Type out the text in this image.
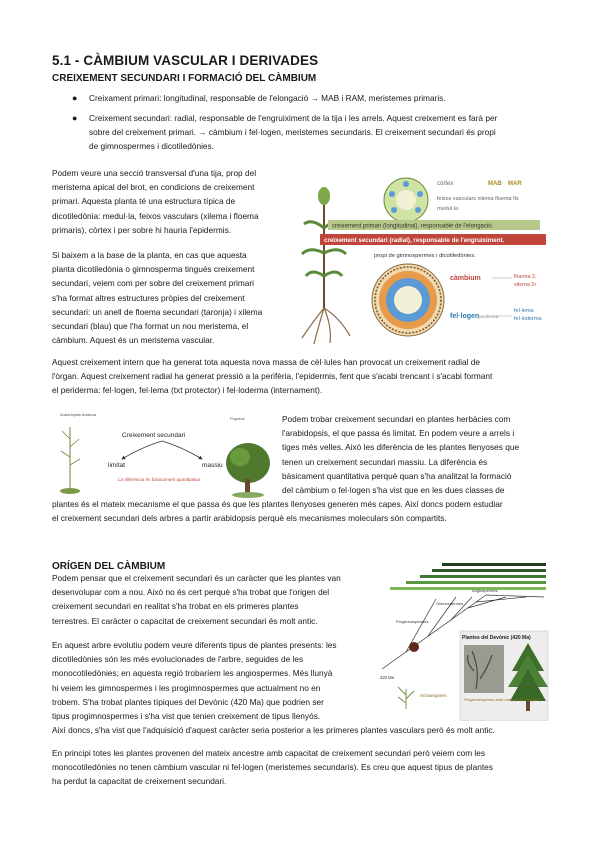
5.1 - CÀMBIUM VASCULAR I DERIVADES
CREIXEMENT SECUNDARI I FORMACIÓ DEL CÀMBIUM
● Creixament primari: longitudinal, responsable de l'elongació → MAB i RAM, meristemes primaris.
● Creixement secundari: radial, responsable de l'engruiximent de la tija i les arrels. Aquest creixement es farà per
sobre del creixement primari. → càmbium i fel·logen, meristemes secundaris. El creixement secundari és propi
de gimnospermes i dicotiledònies.
Podem veure una secció transversal d'una tija, prop del
meristema apical del brot, en condicions de creixement
primari. Aquesta planta té una estructura típica de
dicotiledònia: medul·la, feixos vasculars (xilema i floema
primaris), còrtex i per sobre hi hauria l'epidermis.
Si baixem a la base de la planta, en cas que aquesta
planta dicotiledònia o gimnosperma tingués creixement
secundari, veiem com per sobre del creixement primari
s'ha format altres estructures pròpies del creixement
secundari: un anell de floema secundari (taronja) i xilema
secundari (blau) que l'ha format un nou meristema, el
càmbium. Aquest és un meristema vascular.
còrtex	MAB MAR
feixos vasculars xilema floema fis
medul·la
creixement primari (longitudinal), responsable de l'elongació.
creixement secundari (radial), responsable de l'engruiximent.
propi de gimnospermes i dicotiledònies.
càmbium
fel·logen
floema 2,
xilema 2r
fel·lema
fel·loderma
periderma
Aquest creixement intern que ha generat tota aquesta nova massa de cèl·lules han provocat un creixement radial de
l'òrgan. Aquest creixement radial ha generat pressió a la perifèria, l'epidermis, fent que s'acabi trencant i s'acabi formant
el periderma: fel·logen, fel·lema (txt protector) i fel·loderma (internament).
Arabidopsis thaliana
Creixement secundari
limitat	massiu
La diferència és bàsicament quantitativa
Populus	Podem trobar creixement secundari en plantes herbàcies com
l'arabidopsis, el que passa és limitat. En podem veure a arrels i
tiges més velles. Això les diferència de les plantes llenyoses que
tenen un creixement secundari massiu. La diferència és
bàsicament quantitativa perquè quan s'ha analitzat la formació
del càmbium o fel·logen s'ha vist que en les dues classes de
plantes és el mateix mecanisme el que passa és que les plantes llenyoses generen més capes. Així doncs podem estudiar
el creixement secundari dels arbres a partir arabidopsis perquè els mecanismes moleculars són compartits.
ORÍGEN DEL CÀMBIUM
Podem pensar que el creixement secundari és un caràcter que les plantes van
desenvolupar com a nou. Això no és cert perquè s'ha trobat que l'origen del
creixement secundari en realitat s'ha trobat en els primeres plantes
terrestres. El caràcter o capacitat de creixement secundari és molt antic.
En aquest arbre evolutiu podem veure diferents tipus de plantes presents: les
dicotiledònies són les més evolucionades de l'arbre, seguides de les
monocotiledònies; en aquesta regió trobaríem les angiospermes. Més llunyà
hi veiem les gimnospermes i les progimnospermes que actualment no en
trobem. S'ha trobat plantes típiques del Devònic (420 Ma) que podrien ser
tipus progimnospermes i s'ha vist que tenien creixement de tipus llenyós.
Així doncs, s'ha vist que l'adquisició d'aquest caràcter seria posterior a les primeres plantes vasculars però és molt antic.
En principi totes les plantes provenen del mateix ancestre amb capacitat de creixement secundari però veiem com les
monocotiledònies no tenen càmbium vascular ni fel·logen (meristemes secundaris). Es creu que aquest tipus de plantes
ha perdut la capacitat de creixement secundari.
Angiospermes
Gimnospermes
Progimnospermes
420 Ma
Plantes del Devònic (420 Ma)
Archaeopteris
Progimnosperma amb creixement llenyós
